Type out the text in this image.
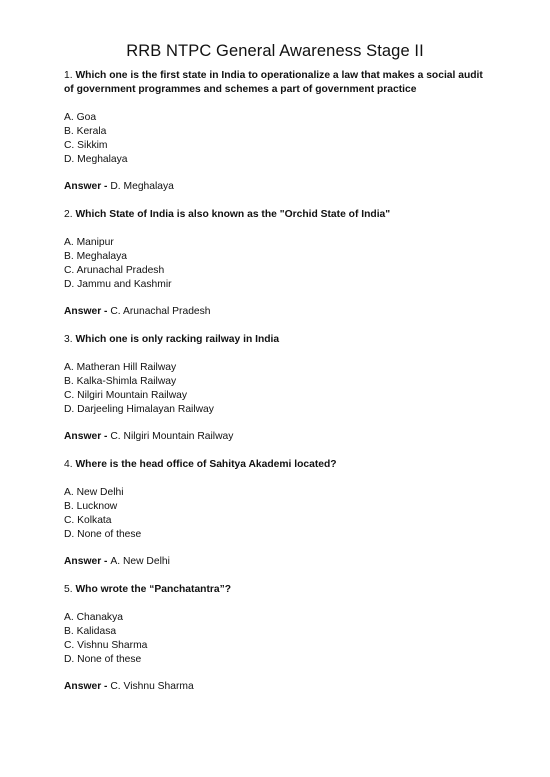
RRB NTPC General Awareness Stage II

1. Which one is the first state in India to operationalize a law that makes a social audit of government programmes and schemes a part of government practice

A. Goa
B. Kerala
C. Sikkim
D. Meghalaya

Answer - D. Meghalaya

2. Which State of India is also known as the "Orchid State of India"

A. Manipur
B. Meghalaya
C. Arunachal Pradesh
D. Jammu and Kashmir

Answer - C. Arunachal Pradesh

3. Which one is only racking railway in India

A. Matheran Hill Railway
B. Kalka-Shimla Railway
C. Nilgiri Mountain Railway
D. Darjeeling Himalayan Railway

Answer - C. Nilgiri Mountain Railway

4. Where is the head office of Sahitya Akademi located?

A. New Delhi
B. Lucknow
C. Kolkata
D. None of these

Answer - A. New Delhi

5. Who wrote the “Panchatantra”?

A. Chanakya
B. Kalidasa
C. Vishnu Sharma
D. None of these

Answer - C. Vishnu Sharma
